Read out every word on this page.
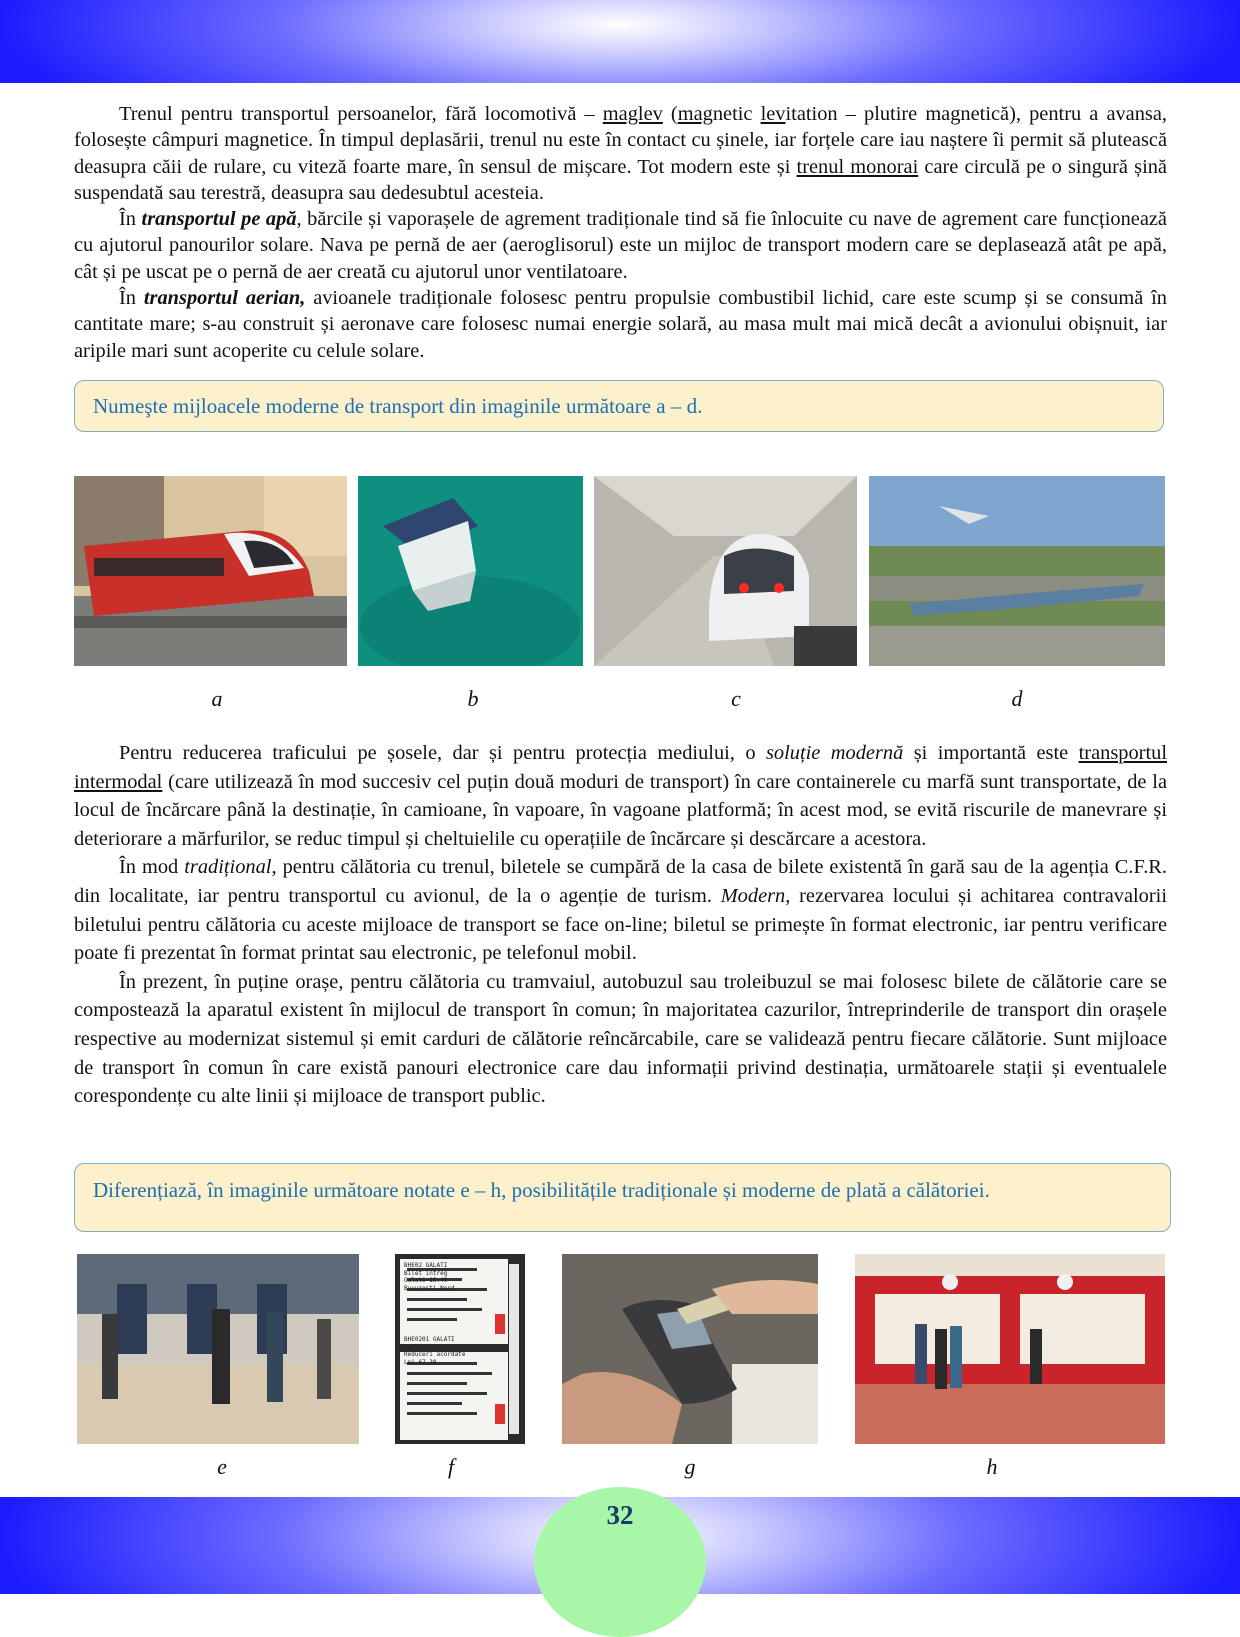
32

Trenul pentru transportul persoanelor, fără locomotivă – maglev (magnetic levitation – plutire magnetică), pentru a avansa, folosește câmpuri magnetice. În timpul deplasării, trenul nu este în contact cu șinele, iar forțele care iau naștere îi permit să plutească deasupra căii de rulare, cu viteză foarte mare, în sensul de mișcare. Tot modern este și trenul monorai care circulă pe o singură șină suspendată sau terestră, deasupra sau dedesubtul acesteia.

În transportul pe apă, bărcile și vaporașele de agrement tradiționale tind să fie înlocuite cu nave de agrement care funcționează cu ajutorul panourilor solare. Nava pe pernă de aer (aeroglisorul) este un mijloc de transport modern care se deplasează atât pe apă, cât și pe uscat pe o pernă de aer creată cu ajutorul unor ventilatoare.

În transportul aerian, avioanele tradiționale folosesc pentru propulsie combustibil lichid, care este scump și se consumă în cantitate mare; s-au construit și aeronave care folosesc numai energie solară, au masa mult mai mică decât a avionului obișnuit, iar aripile mari sunt acoperite cu celule solare.

Numeşte mijloacele moderne de transport din imaginile următoare a – d.
a	b	c	d

Pentru reducerea traficului pe șosele, dar și pentru protecția mediului, o soluție modernă și importantă este transportul intermodal (care utilizează în mod succesiv cel puțin două moduri de transport) în care containerele cu marfă sunt transportate, de la locul de încărcare până la destinație, în camioane, în vapoare, în vagoane platformă; în acest mod, se evită riscurile de manevrare și deteriorare a mărfurilor, se reduc timpul și cheltuielile cu operațiile de încărcare și descărcare a acestora.

În mod tradițional, pentru călătoria cu trenul, biletele se cumpără de la casa de bilete existentă în gară sau de la agenția C.F.R. din localitate, iar pentru transportul cu avionul, de la o agenție de turism. Modern, rezervarea locului și achitarea contravalorii biletului pentru călătoria cu aceste mijloace de transport se face on-line; biletul se primește în format electronic, iar pentru verificare poate fi prezentat în format printat sau electronic, pe telefonul mobil.

În prezent, în puține orașe, pentru călătoria cu tramvaiul, autobuzul sau troleibuzul se mai folosesc bilete de călătorie care se compostează la aparatul existent în mijlocul de transport în comun; în majoritatea cazurilor, întreprinderile de transport din orașele respective au modernizat sistemul și emit carduri de călătorie reîncărcabile, care se validează pentru fiecare călătorie. Sunt mijloace de transport în comun în care există panouri electronice care dau informații privind destinația, următoarele stații și eventualele corespondențe cu alte linii și mijloace de transport public.

Diferențiază, în imaginile următoare notate e – h, posibilitățile tradiționale și moderne de plată a călătoriei.
e	f	g	h
BHE02 GALATI
Bilet intreg
Galati 15:40
Bucuresti Nord
BHE0201 GALATI
Lei 67.30
Reduceri acordate
Lei 67.30
